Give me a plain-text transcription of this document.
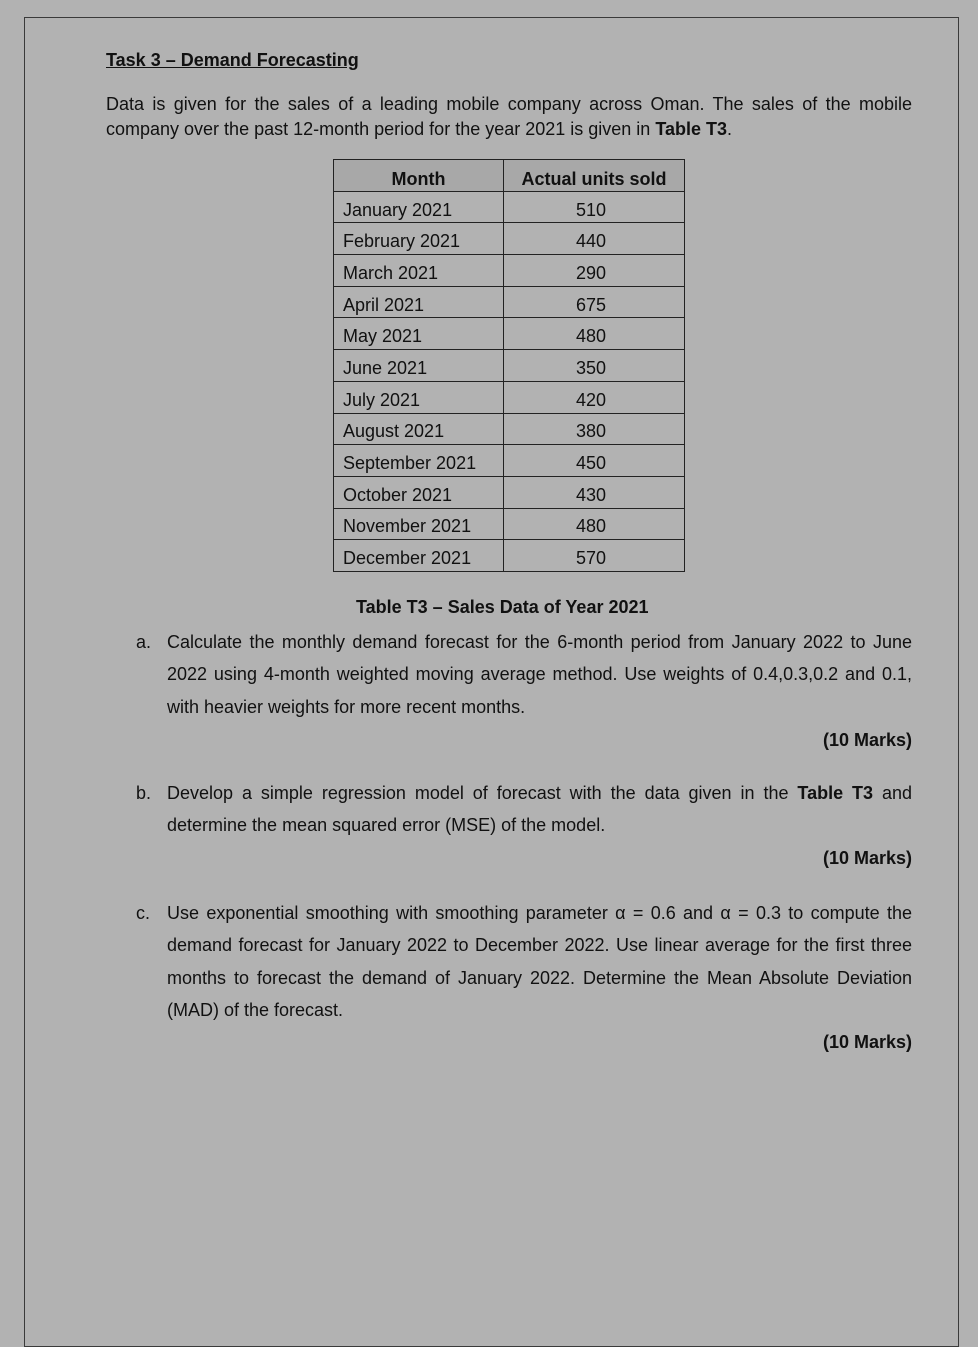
Task 3 – Demand Forecasting

Data is given for the sales of a leading mobile company across Oman. The sales of the mobile company over the past 12-month period for the year 2021 is given in Table T3.

Month	Actual units sold
January 2021	510
February 2021	440
March 2021	290
April 2021	675
May 2021	480
June 2021	350
July 2021	420
August 2021	380
September 2021	450
October 2021	430
November 2021	480
December 2021	570

Table T3 – Sales Data of Year 2021

a. Calculate the monthly demand forecast for the 6-month period from January 2022 to June 2022 using 4-month weighted moving average method. Use weights of 0.4,0.3,0.2 and 0.1, with heavier weights for more recent months.
(10 Marks)
b. Develop a simple regression model of forecast with the data given in the Table T3 and determine the mean squared error (MSE) of the model.
(10 Marks)
c. Use exponential smoothing with smoothing parameter α = 0.6 and α = 0.3 to compute the demand forecast for January 2022 to December 2022. Use linear average for the first three months to forecast the demand of January 2022. Determine the Mean Absolute Deviation (MAD) of the forecast.
(10 Marks)
